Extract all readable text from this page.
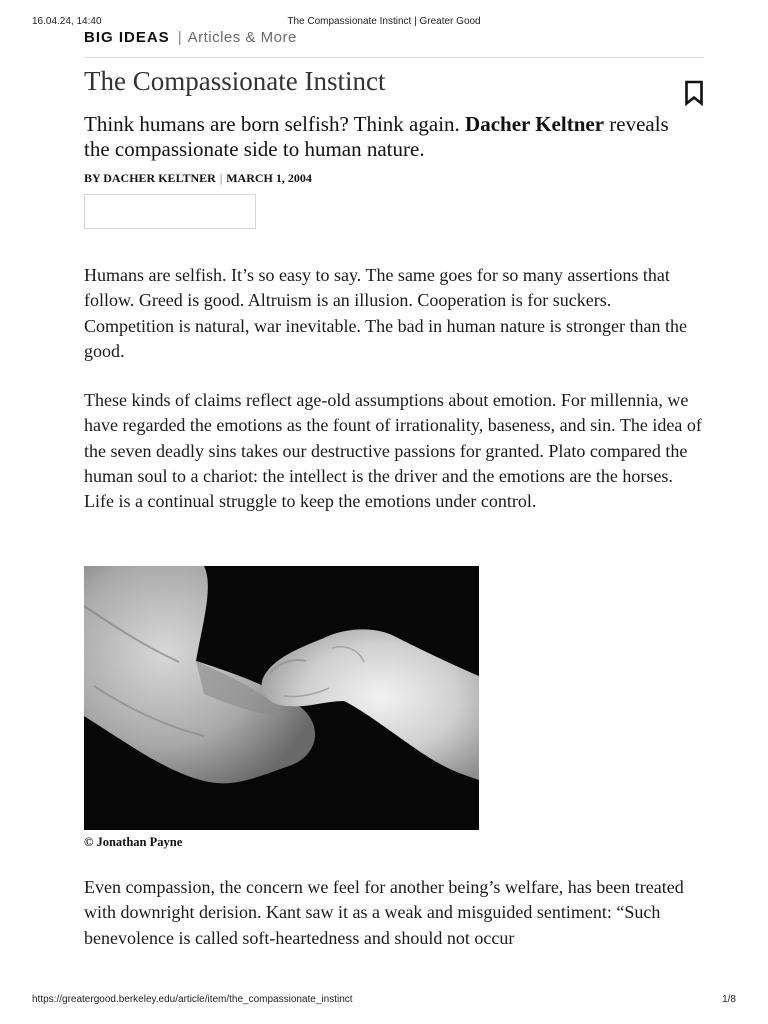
16.04.24, 14:40	The Compassionate Instinct | Greater Good
BIG IDEAS | Articles & More
The Compassionate Instinct

Think humans are born selfish? Think again. Dacher Keltner reveals the compassionate side to human nature.

BY DACHER KELTNER | MARCH 1, 2004

Humans are selfish. It’s so easy to say. The same goes for so many assertions that follow. Greed is good. Altruism is an illusion. Cooperation is for suckers. Competition is natural, war inevitable. The bad in human nature is stronger than the good.

These kinds of claims reflect age-old assumptions about emotion. For millennia, we have regarded the emotions as the fount of irrationality, baseness, and sin. The idea of the seven deadly sins takes our destructive passions for granted. Plato compared the human soul to a chariot: the intellect is the driver and the emotions are the horses. Life is a continual struggle to keep the emotions under control.

© Jonathan Payne

Even compassion, the concern we feel for another being’s welfare, has been treated with downright derision. Kant saw it as a weak and misguided sentiment: “Such benevolence is called soft-heartedness and should not occur

https://greatergood.berkeley.edu/article/item/the_compassionate_instinct	1/8
